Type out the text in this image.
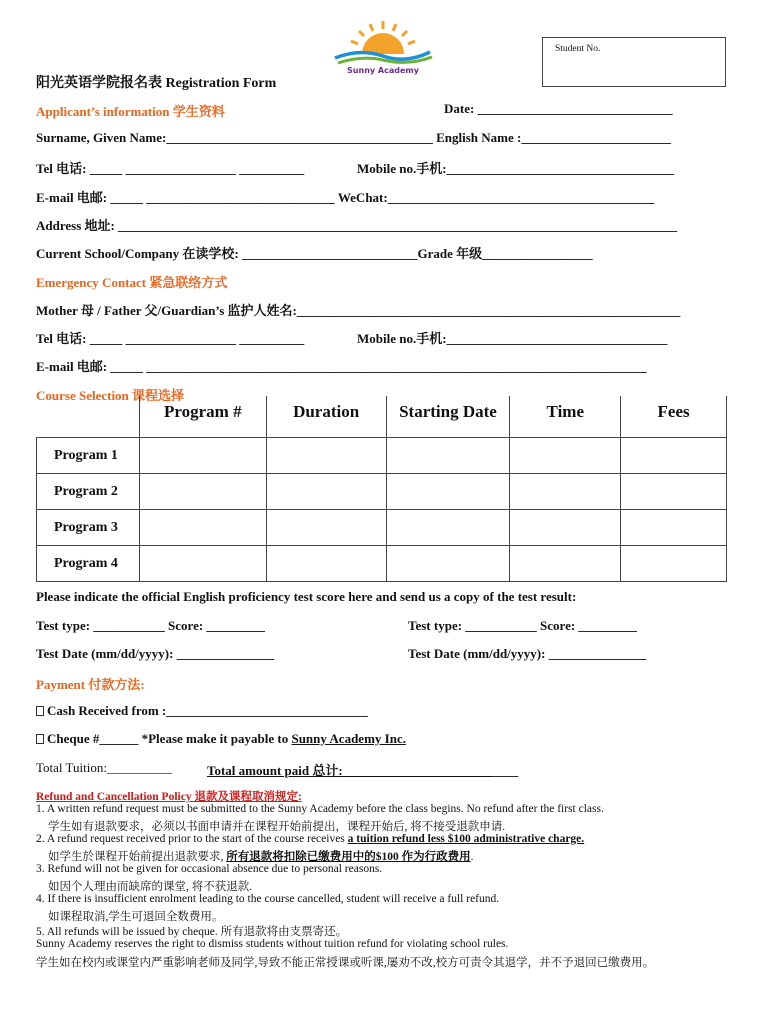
Sunny Academy
Student No.
阳光英语学院报名表 Registration Form
Applicant’s information 学生资料	Date: ______________________________
Surname, Given Name:_________________________________________ English Name :_______________________
Tel 电话: _____ _________________ __________	Mobile no.手机:___________________________________
E-mail 电邮: _____ _____________________________ WeChat:_________________________________________
Address 地址: ______________________________________________________________________________________
Current School/Company 在读学校: ___________________________Grade 年级_________________
Emergency Contact 紧急联络方式
Mother 母 / Father 父/Guardian’s 监护人姓名:___________________________________________________________
Tel 电话: _____ _________________ __________	Mobile no.手机:__________________________________
E-mail 电邮: _____ _____________________________________________________________________________
Course Selection 课程选择
	Program #	Duration	Starting Date	Time	Fees
Program 1					
Program 2					
Program 3					
Program 4					
Please indicate the official English proficiency test score here and send us a copy of the test result:
Test type: ___________ Score: _________	Test type: ___________ Score: _________
Test Date (mm/dd/yyyy): _______________	Test Date (mm/dd/yyyy): _______________
Payment 付款方法:
Cash Received from :_______________________________
Cheque #______ *Please make it payable to Sunny Academy Inc.
Total Tuition:__________	Total amount paid 总计:___________________________
Refund and Cancellation Policy 退款及课程取消规定:
1. A written refund request must be submitted to the Sunny Academy before the class begins. No refund after the first class.
学生如有退款要求，必须以书面申请并在课程开始前提出，课程开始后, 将不接受退款申请.
2. A refund request received prior to the start of the course receives a tuition refund less $100 administrative charge.
如学生於课程开始前提出退款要求, 所有退款将扣除已缴费用中的$100 作为行政费用.
3. Refund will not be given for occasional absence due to personal reasons.
如因个人理由而缺席的课堂, 将不获退款.
4. If there is insufficient enrolment leading to the course cancelled, student will receive a full refund.
如课程取消,学生可退回全数费用。
5. All refunds will be issued by cheque. 所有退款将由支票寄还。
Sunny Academy reserves the right to dismiss students without tuition refund for violating school rules.
学生如在校内或课堂内严重影响老师及同学,导致不能正常授课或听课,屡劝不改,校方可责令其退学，并不予退回已缴费用。
